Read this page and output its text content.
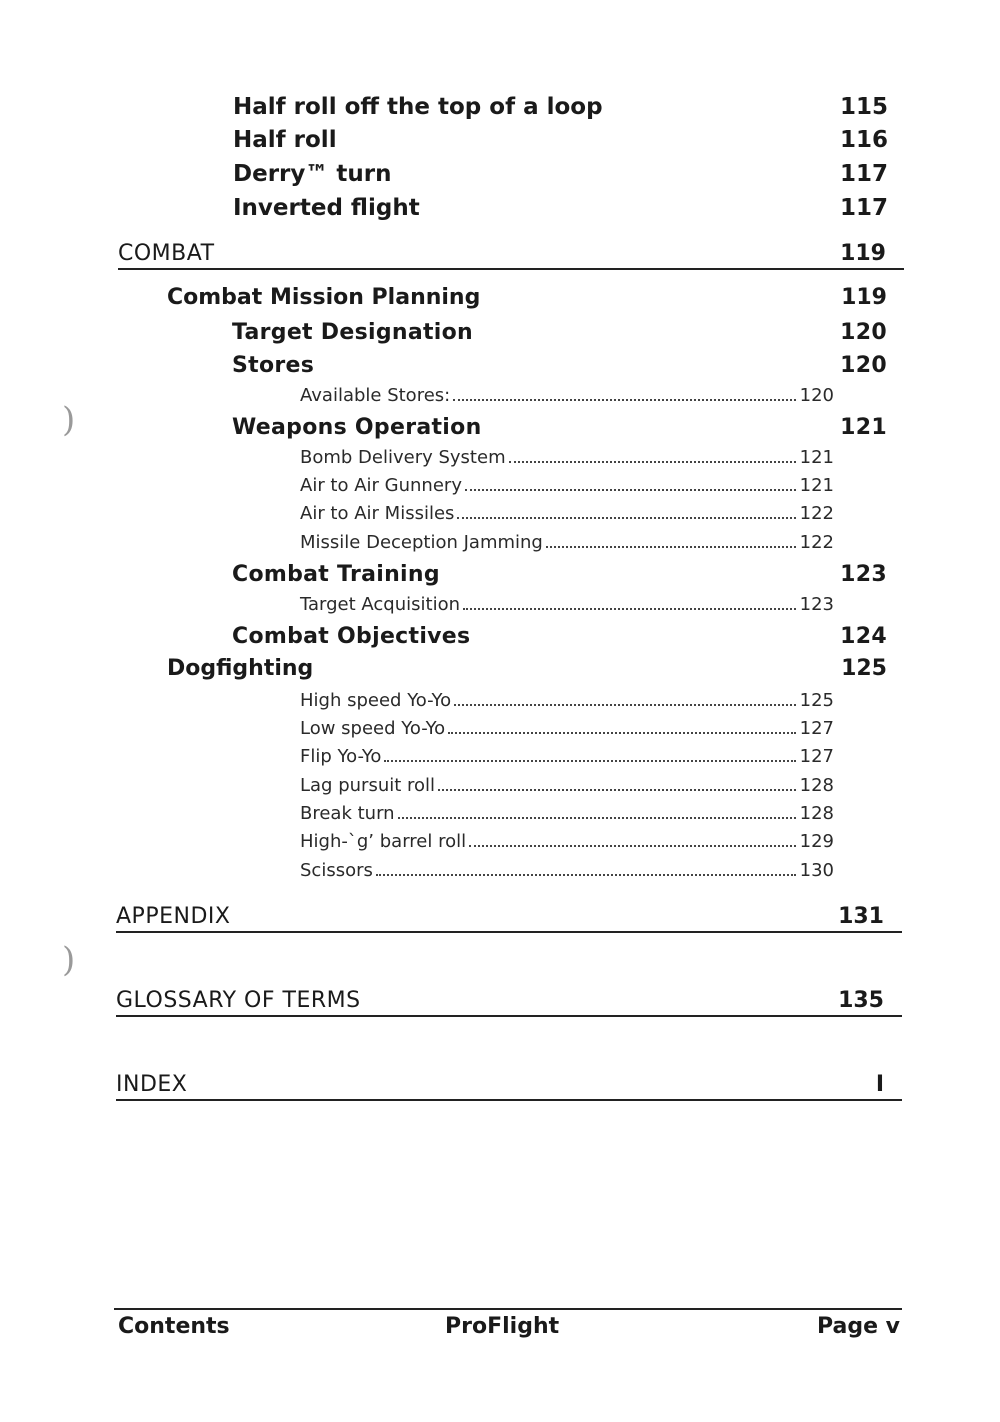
Half roll off the top of a loop	115
Half roll	116
Derry™ turn	117
Inverted flight	117
COMBAT	119
Combat Mission Planning	119
Target Designation	120
Stores	120
Available Stores:	120
Weapons Operation	121
Bomb Delivery System	121
Air to Air Gunnery	121
Air to Air Missiles	122
Missile Deception Jamming	122
Combat Training	123
Target Acquisition	123
Combat Objectives	124
Dogfighting	125
High speed Yo-Yo	125
Low speed Yo-Yo	127
Flip Yo-Yo	127
Lag pursuit roll	128
Break turn	128
High-`g’ barrel roll	129
Scissors	130
APPENDIX	131
GLOSSARY OF TERMS	135
INDEX	I
)
)
Contents	ProFlight	Page v
